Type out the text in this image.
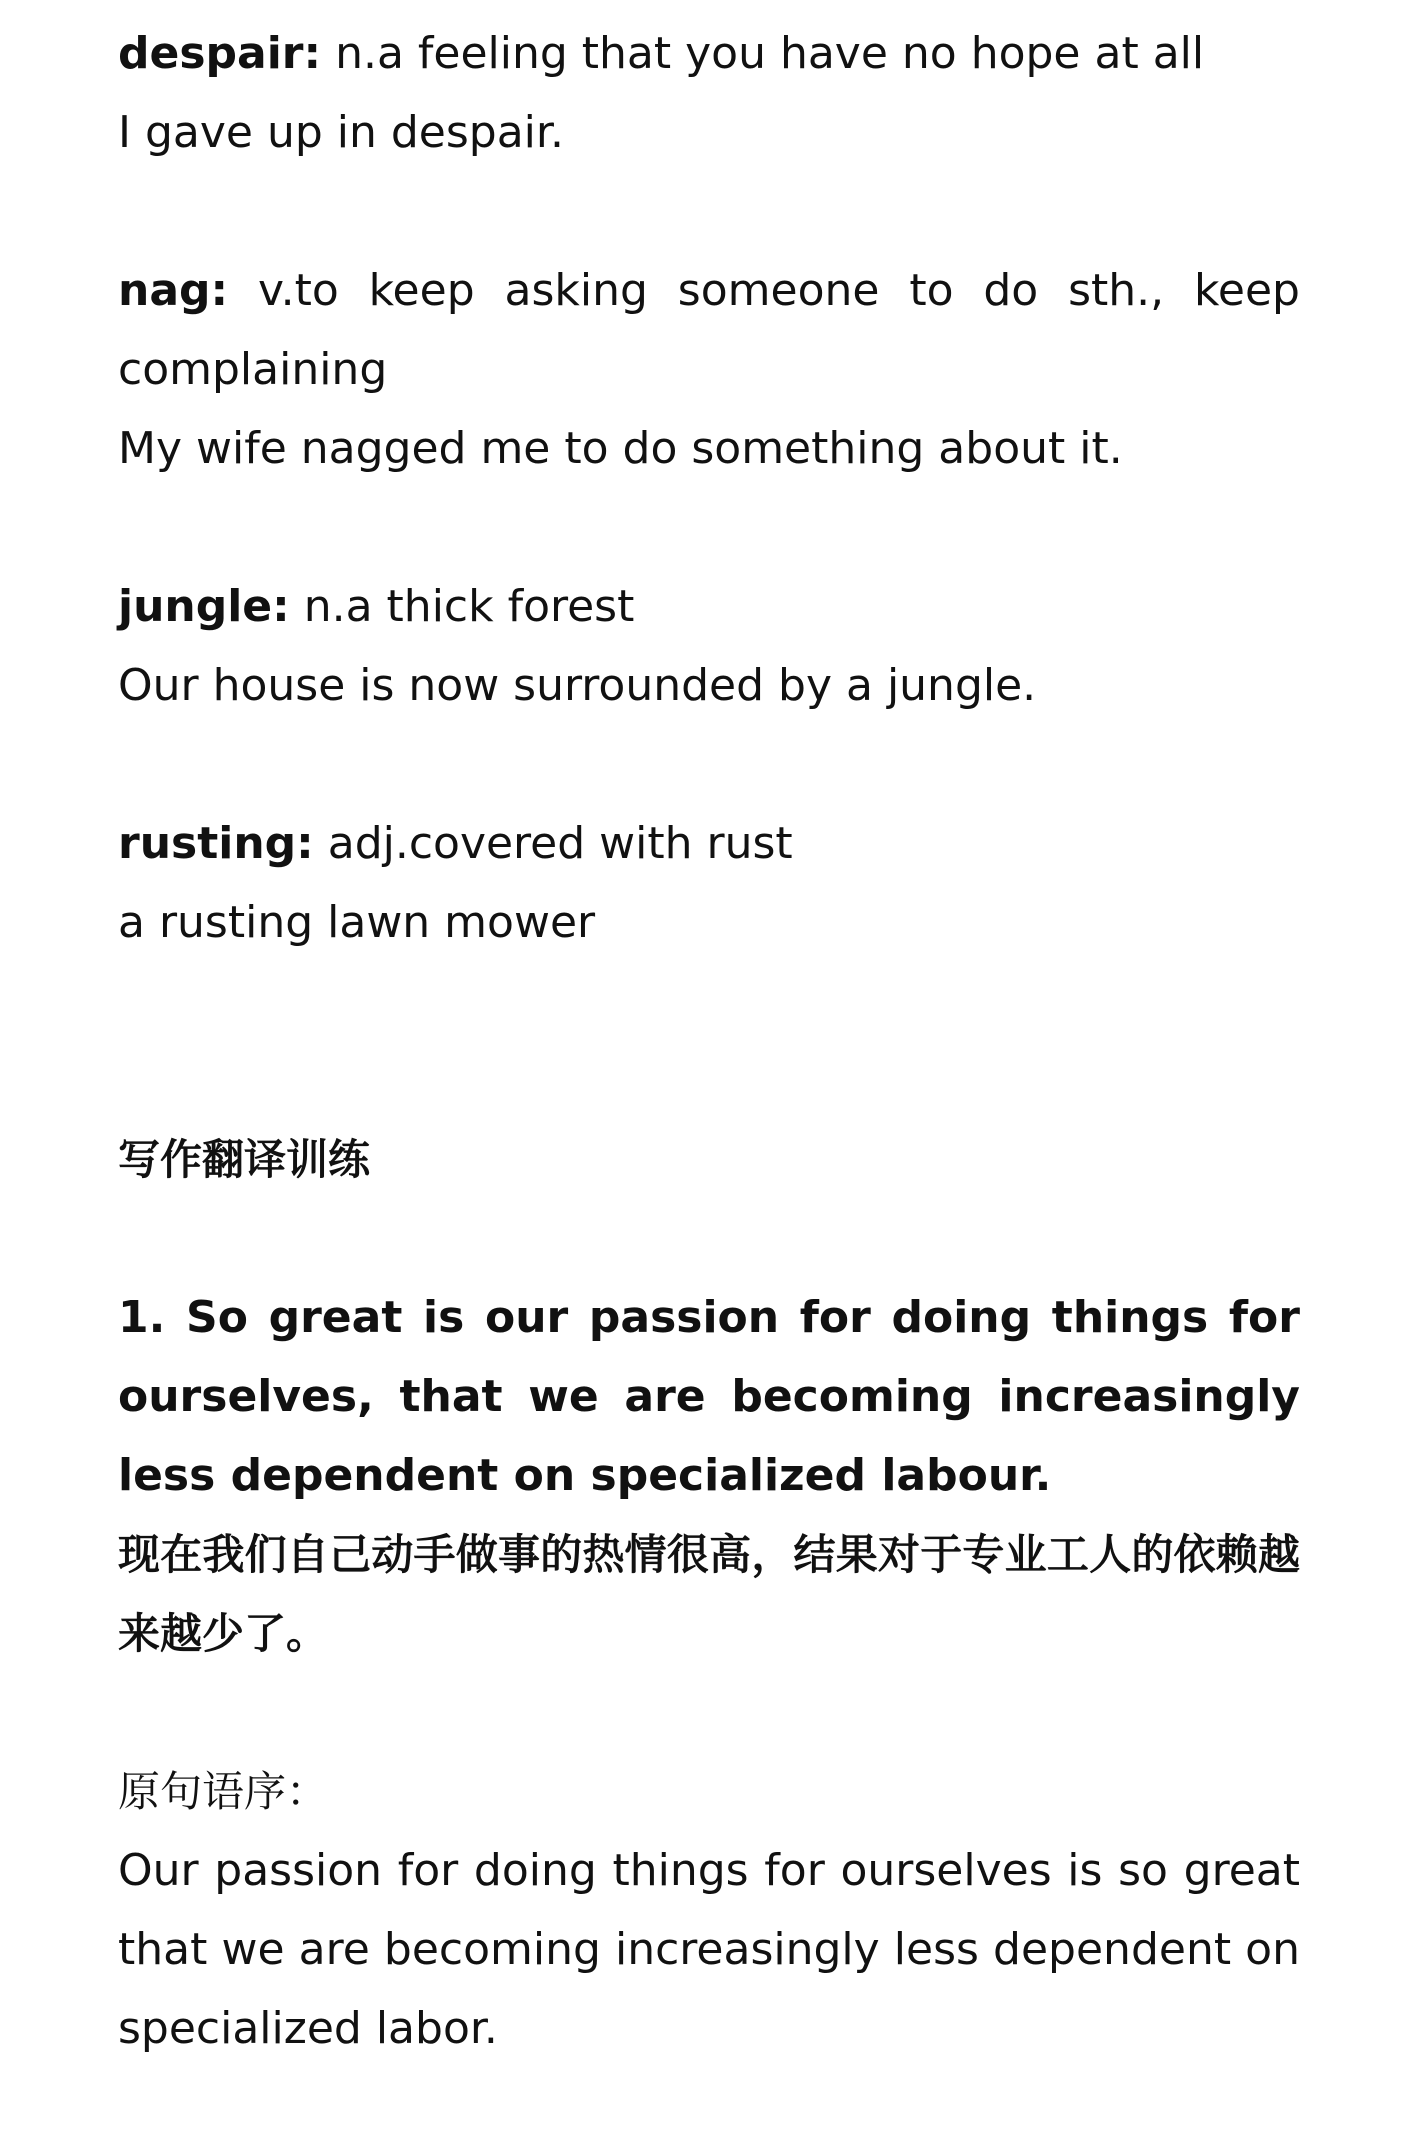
despair: n.a feeling that you have no hope at all

I gave up in despair.

nag: v.to keep asking someone to do sth., keep complaining

My wife nagged me to do something about it.

jungle: n.a thick forest

Our house is now surrounded by a jungle.

rusting: adj.covered with rust

a rusting lawn mower

写作翻译训练

1. So great is our passion for doing things for ourselves, that we are becoming increasingly less dependent on specialized labour.

现在我们自己动手做事的热情很高，结果对于专业工人的依赖越来越少了。

原句语序：

Our passion for doing things for ourselves is so great that we are becoming increasingly less dependent on specialized labor.
